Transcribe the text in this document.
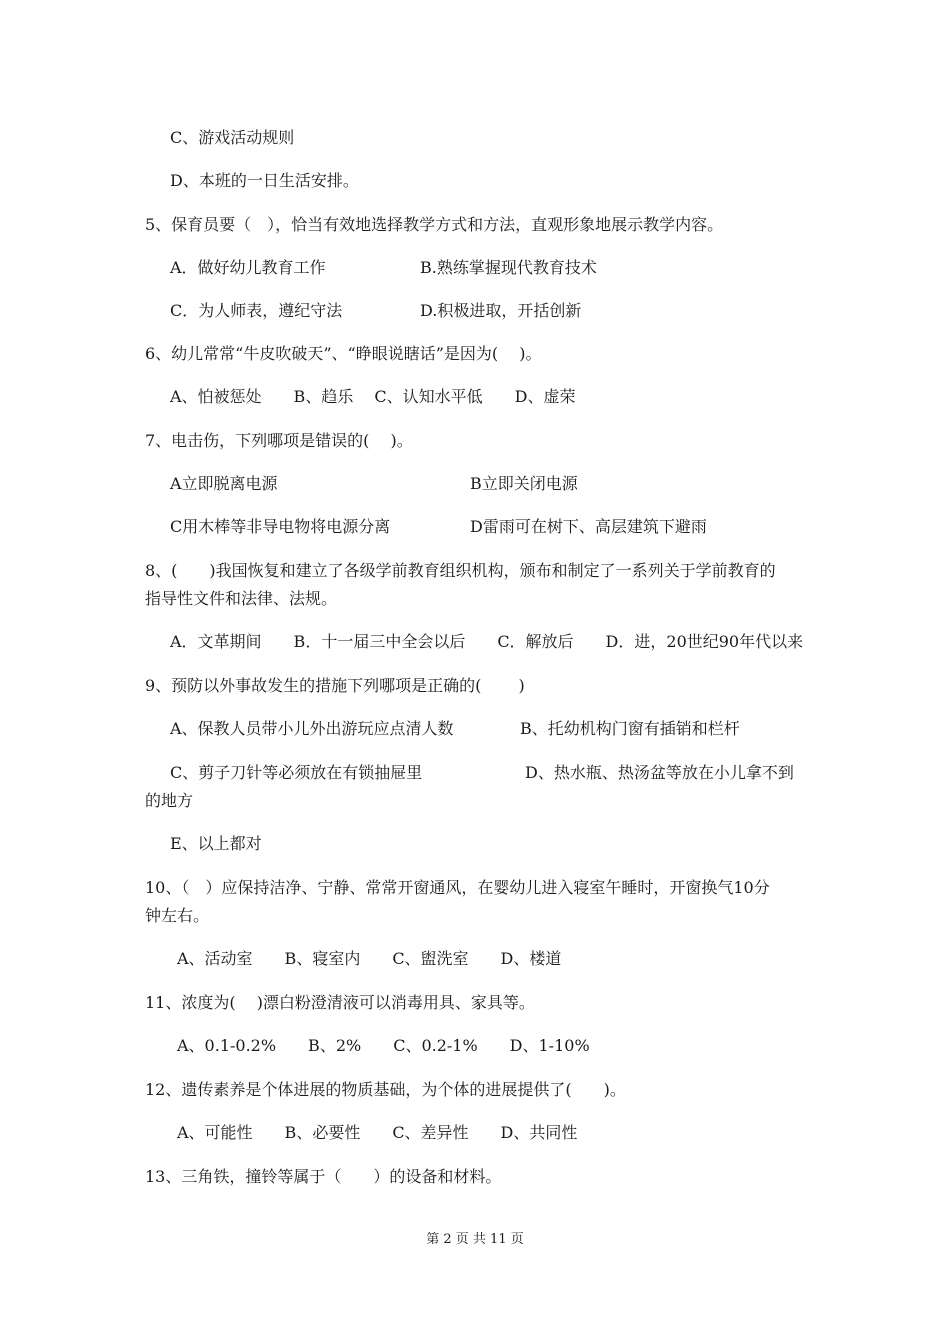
C、游戏活动规则
D、本班的一日生活安排。
5、保育员要（　），恰当有效地选择教学方式和方法，直观形象地展示教学内容。
A．做好幼儿教育工作	B.熟练掌握现代教育技术
C．为人师表，遵纪守法	D.积极进取，开括创新
6、幼儿常常“牛皮吹破天”、“睁眼说瞎话”是因为(　 )。
A、怕被惩处　　B、趋乐　 C、认知水平低　　D、虚荣
7、电击伤，下列哪项是错误的(　 )。
A立即脱离电源	B立即关闭电源
C用木棒等非导电物将电源分离	D雷雨可在树下、高层建筑下避雨
8、(　　)我国恢复和建立了各级学前教育组织机构，颁布和制定了一系列关于学前教育的
指导性文件和法律、法规。
A．文革期间　　B．十一届三中全会以后　　C．解放后　　D．进，20世纪90年代以来
9、预防以外事故发生的措施下列哪项是正确的(　 　)
A、保教人员带小儿外出游玩应点清人数	B、托幼机构门窗有插销和栏杆
C、剪子刀针等必须放在有锁抽屉里	D、热水瓶、热汤盆等放在小儿拿不到
的地方
E、以上都对
10、（　）应保持洁净、宁静、常常开窗通风，在婴幼儿进入寝室午睡时，开窗换气10分
钟左右。
A、活动室　　B、寝室内　　C、盥洗室　　D、楼道
11、浓度为(　 )漂白粉澄清液可以消毒用具、家具等。
A、0.1-0.2%　　B、2%　　C、0.2-1%　　D、1-10%
12、遗传素养是个体进展的物质基础，为个体的进展提供了(　　)。
A、可能性　　B、必要性　　C、差异性　　D、共同性
13、三角铁，撞铃等属于（　　）的设备和材料。
第 2 页 共 11 页
